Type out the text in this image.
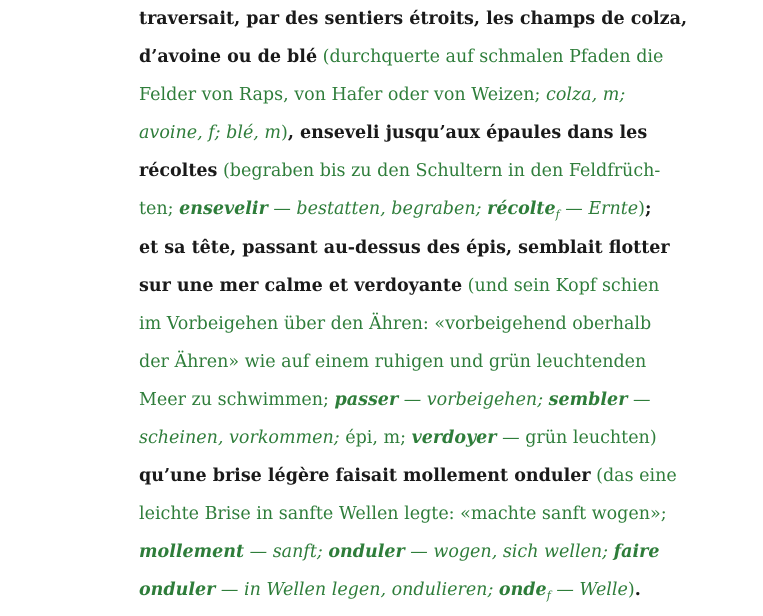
traversait, par des sentiers étroits, les champs de colza,
d’avoine ou de blé (durchquerte auf schmalen Pfaden die
Felder von Raps, von Hafer oder von Weizen; colza, m;
avoine, f; blé, m), enseveli jusqu’aux épaules dans les
récoltes (begraben bis zu den Schultern in den Feldfrüch-
ten; ensevelir — bestatten, begraben; récolte$_f$ — Ernte);
et sa tête, passant au-dessus des épis, semblait flotter
sur une mer calme et verdoyante (und sein Kopf schien
im Vorbeigehen über den Ähren: «vorbeigehend oberhalb
der Ähren» wie auf einem ruhigen und grün leuchtenden
Meer zu schwimmen; passer — vorbeigehen; sembler —
scheinen, vorkommen; épi, m; verdoyer — grün leuchten)
qu’une brise légère faisait mollement onduler (das eine
leichte Brise in sanfte Wellen legte: «machte sanft wogen»;
mollement — sanft; onduler — wogen, sich wellen; faire
onduler — in Wellen legen, ondulieren; onde$_f$ — Welle).
